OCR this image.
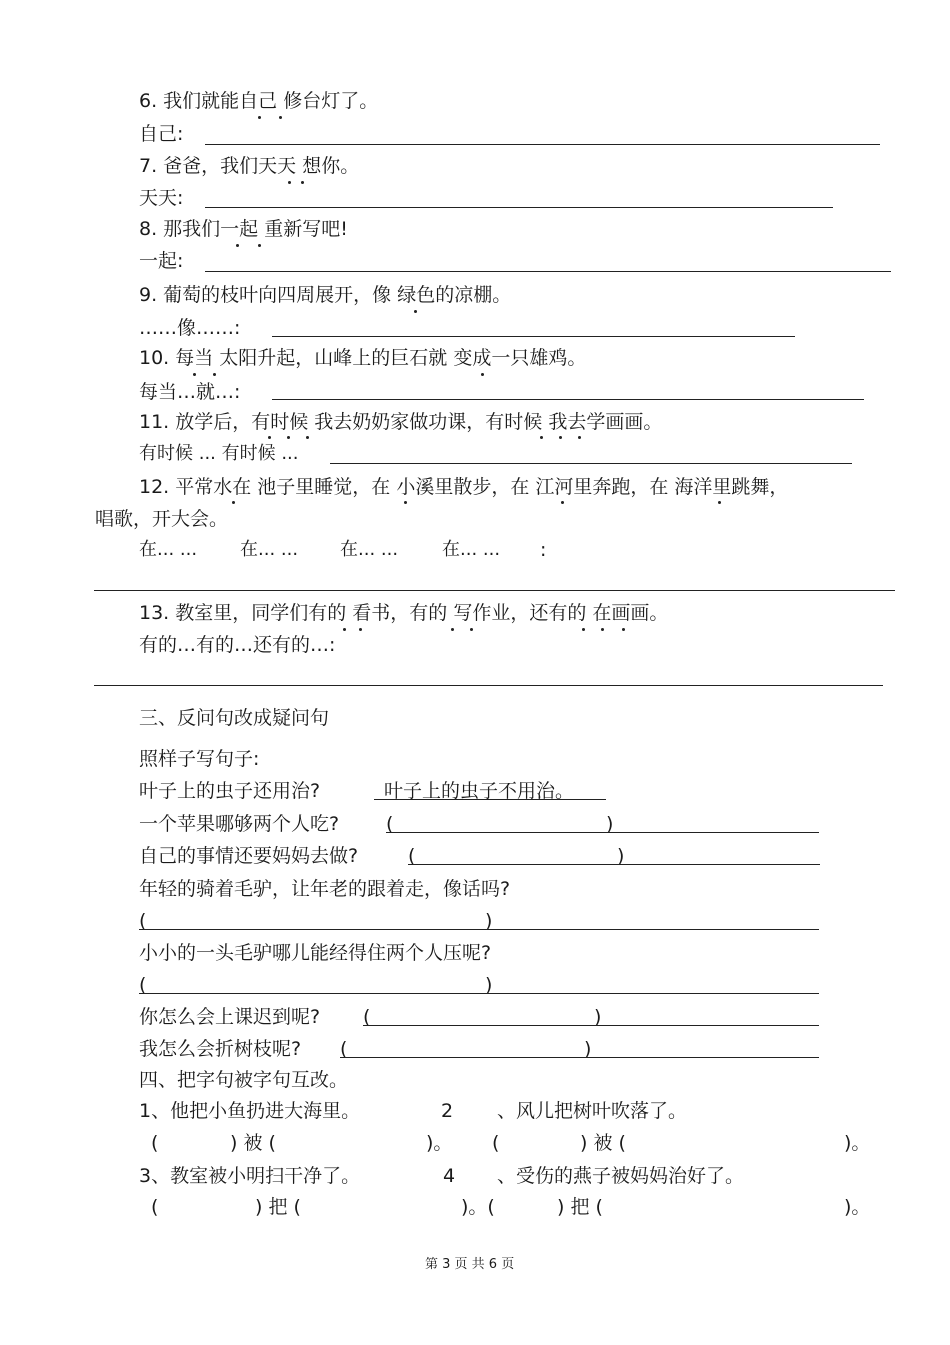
6. 我们就能自己 修台灯了。
自己:
7. 爸爸，我们天天 想你。
天天:
8. 那我们一起 重新写吧!
一起:
9. 葡萄的枝叶向四周展开，像 绿色的凉棚。
……像……:
10. 每当 太阳升起，山峰上的巨石就 变成一只雄鸡。
每当…就…:
11. 放学后，有时候 我去奶奶家做功课，有时候 我去学画画。
有时候 ... 有时候 ...
12. 平常水在 池子里睡觉，在 小溪里散步，在 江河里奔跑，在 海洋里跳舞，
唱歌，开大会。
在... ... 在... ... 在... ... 在... ... :
13. 教室里，同学们有的 看书，有的 写作业，还有的 在画画。
有的…有的…还有的…:
三、反问句改成疑问句
照样子写句子:
叶子上的虫子还用治?	叶子上的虫子不用治。
一个苹果哪够两个人吃? (	)
自己的事情还要妈妈去做?	(	)
年轻的骑着毛驴，让年老的跟着走，像话吗?
(	)
小小的一头毛驴哪儿能经得住两个人压呢?
(	)
你怎么会上课迟到呢? (	)
我怎么会折树枝呢? (	)
四、把字句被字句互改。
1、他把小鱼扔进大海里。	2 、风儿把树叶吹落了。
(	) 被 (	)。 (	) 被 (	)。
3、教室被小明扫干净了。	4 、受伤的燕子被妈妈治好了。
(	) 把 (	)。(	) 把 (	)。
第 3 页 共 6 页
